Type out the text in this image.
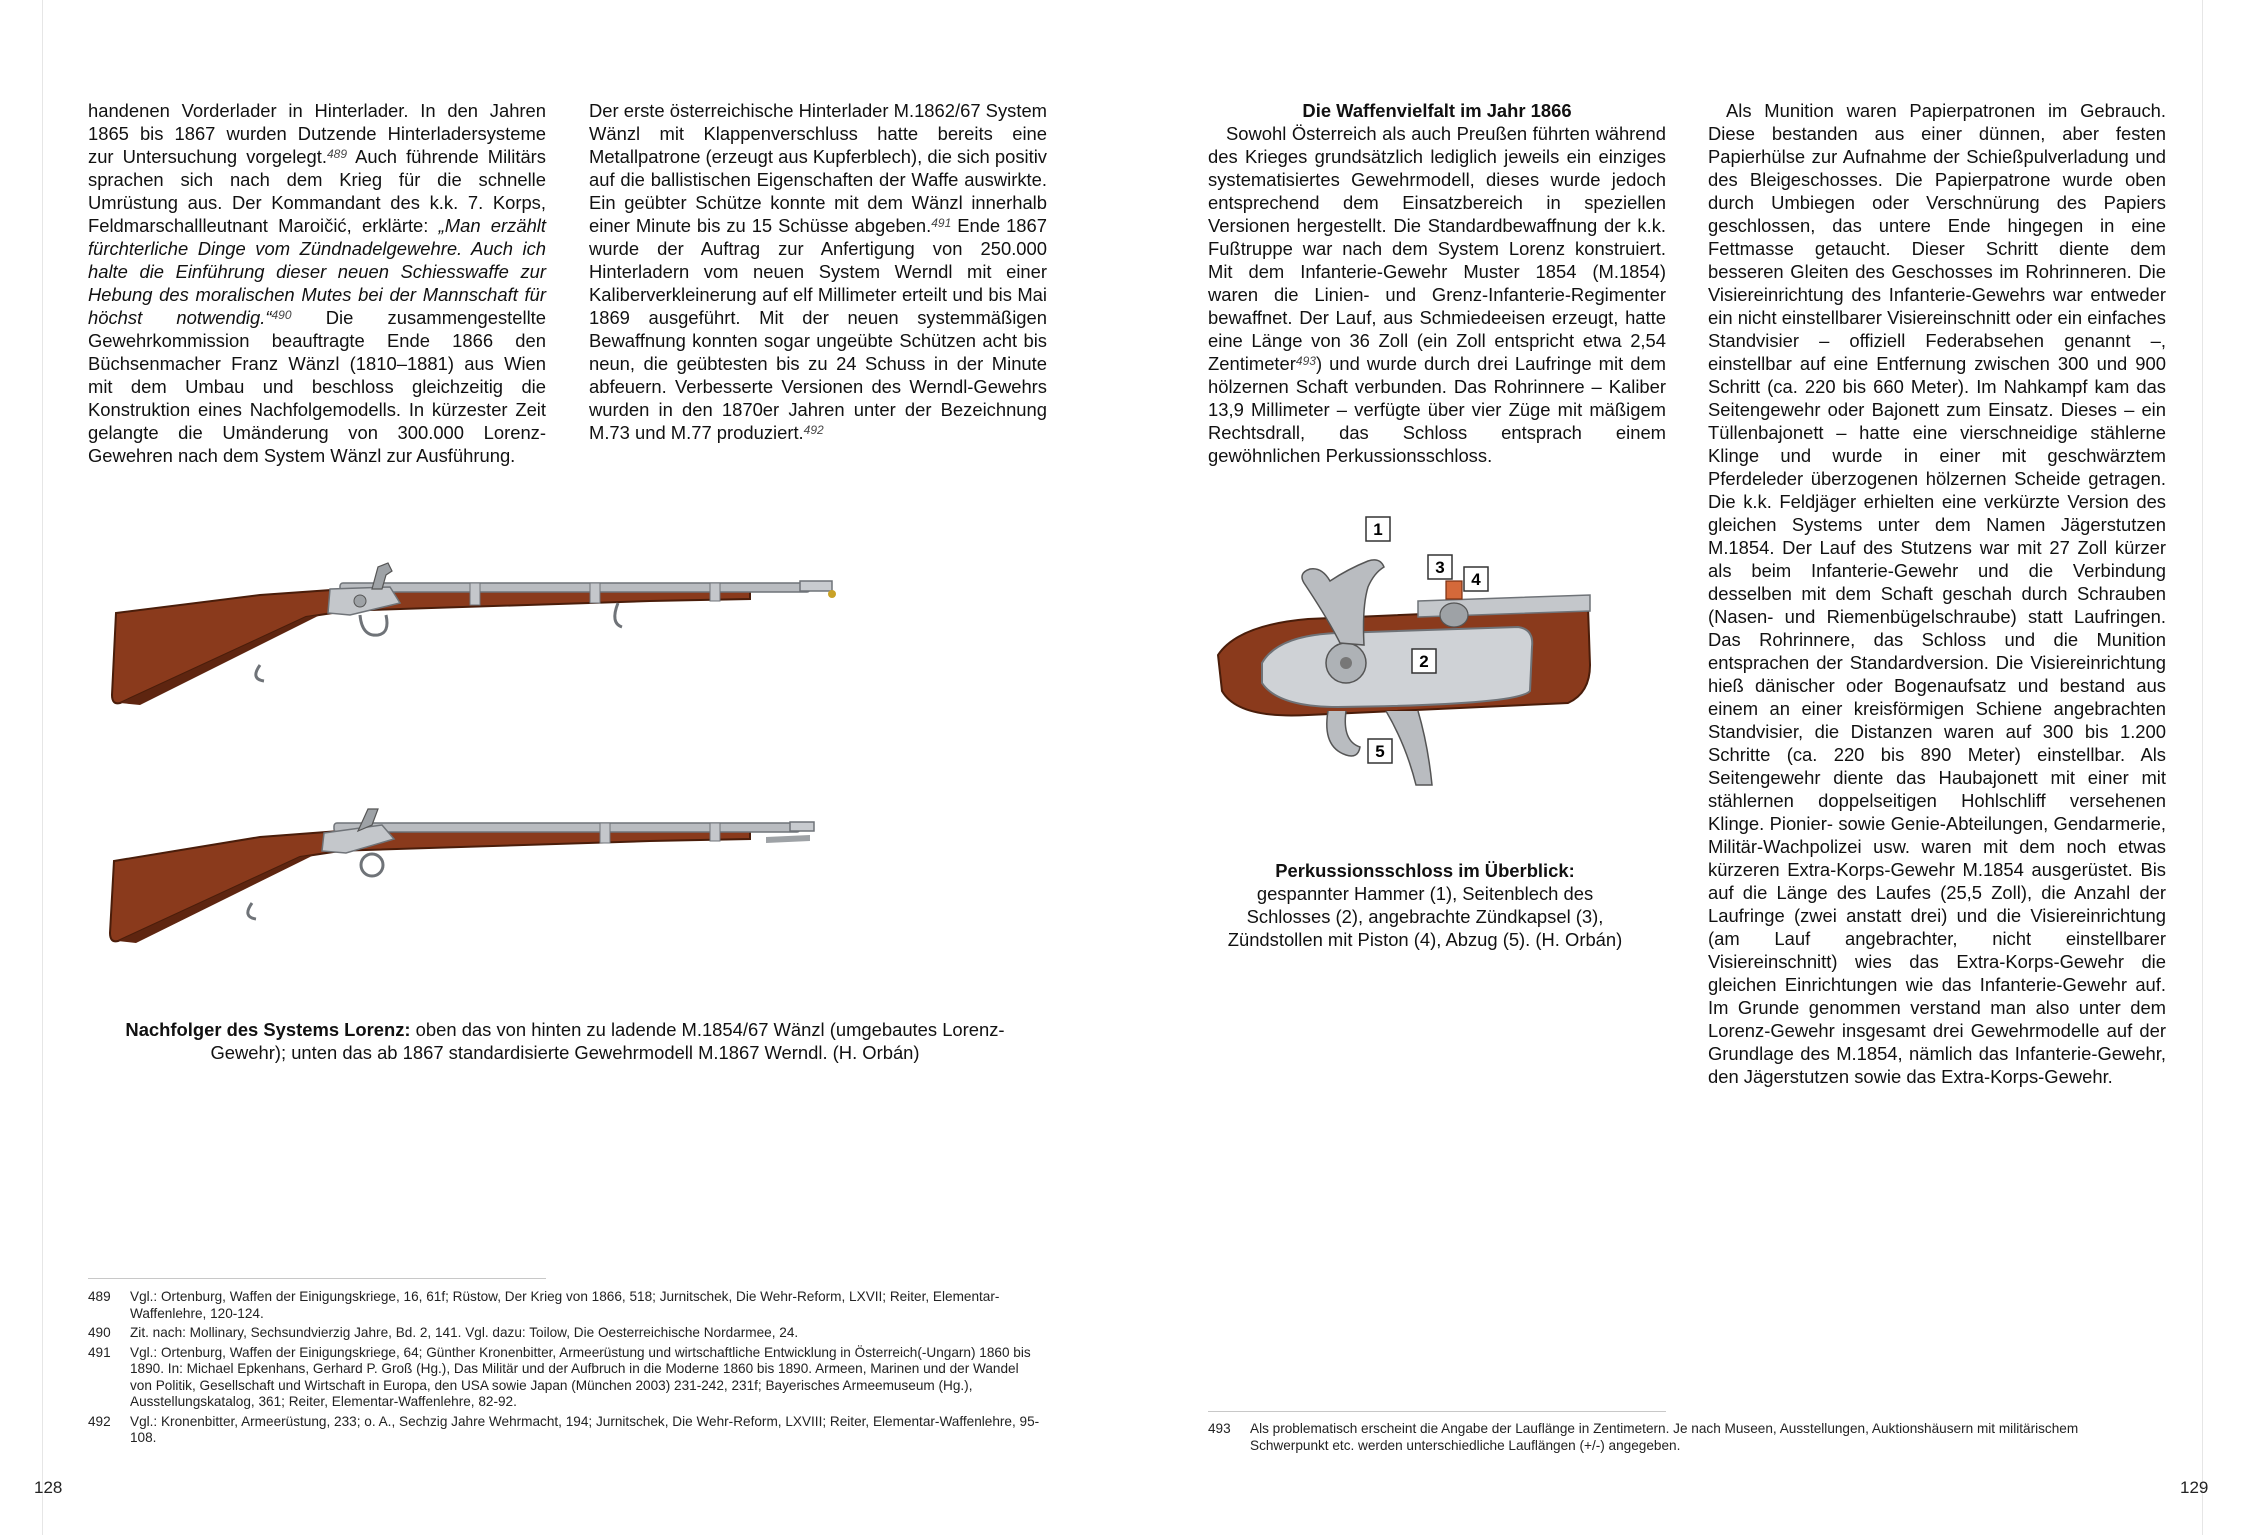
handenen Vorderlader in Hinterlader. In den Jahren 1865 bis 1867 wurden Dutzende Hinterladersysteme zur Untersuchung vorgelegt.$^{489}$ Auch führende Militärs sprachen sich nach dem Krieg für die schnelle Umrüstung aus. Der Kommandant des k.k. 7. Korps, Feldmarschallleutnant Maroičić, erklärte: „Man erzählt fürchterliche Dinge vom Zündnadelgewehre. Auch ich halte die Einführung dieser neuen Schiesswaffe zur Hebung des moralischen Mutes bei der Mannschaft für höchst notwendig.“$^{490}$ Die zusammengestellte Gewehrkommission beauftragte Ende 1866 den Büchsenmacher Franz Wänzl (1810–1881) aus Wien mit dem Umbau und beschloss gleichzeitig die Konstruktion eines Nachfolgemodells. In kürzester Zeit gelangte die Umänderung von 300.000 Lorenz-Gewehren nach dem System Wänzl zur Ausführung.

Der erste österreichische Hinterlader M.1862/67 System Wänzl mit Klappenverschluss hatte bereits eine Metallpatrone (erzeugt aus Kupferblech), die sich positiv auf die ballistischen Eigenschaften der Waffe auswirkte. Ein geübter Schütze konnte mit dem Wänzl innerhalb einer Minute bis zu 15 Schüsse abgeben.$^{491}$ Ende 1867 wurde der Auftrag zur Anfertigung von 250.000 Hinterladern vom neuen System Werndl mit einer Kaliberverkleinerung auf elf Millimeter erteilt und bis Mai 1869 ausgeführt. Mit der neuen systemmäßigen Bewaffnung konnten sogar ungeübte Schützen acht bis neun, die geübtesten bis zu 24 Schuss in der Minute abfeuern. Verbesserte Versionen des Werndl-Gewehrs wurden in den 1870er Jahren unter der Bezeichnung M.73 und M.77 produziert.$^{492}$

Nachfolger des Systems Lorenz: oben das von hinten zu ladende M.1854/67 Wänzl (umgebautes Lorenz-Gewehr); unten das ab 1867 standardisierte Gewehrmodell M.1867 Werndl. (H. Orbán)
489	Vgl.: Ortenburg, Waffen der Einigungskriege, 16, 61f; Rüstow, Der Krieg von 1866, 518; Jurnitschek, Die Wehr-Reform, LXVII; Reiter, Elementar-Waffenlehre, 120-124.
490	Zit. nach: Mollinary, Sechsundvierzig Jahre, Bd. 2, 141. Vgl. dazu: Toilow, Die Oesterreichische Nordarmee, 24.
491	Vgl.: Ortenburg, Waffen der Einigungskriege, 64; Günther Kronenbitter, Armeerüstung und wirtschaftliche Entwicklung in Österreich(-Ungarn) 1860 bis 1890. In: Michael Epkenhans, Gerhard P. Groß (Hg.), Das Militär und der Aufbruch in die Moderne 1860 bis 1890. Armeen, Marinen und der Wandel von Politik, Gesellschaft und Wirtschaft in Europa, den USA sowie Japan (München 2003) 231-242, 231f; Bayerisches Armeemuseum (Hg.), Ausstellungskatalog, 361; Reiter, Elementar-Waffenlehre, 82-92.
492	Vgl.: Kronenbitter, Armeerüstung, 233; o. A., Sechzig Jahre Wehrmacht, 194; Jurnitschek, Die Wehr-Reform, LXVIII; Reiter, Elementar-Waffenlehre, 95-108.
128

Die Waffenvielfalt im Jahr 1866

Sowohl Österreich als auch Preußen führten während des Krieges grundsätzlich lediglich jeweils ein einziges systematisiertes Gewehrmodell, dieses wurde jedoch entsprechend dem Einsatzbereich in speziellen Versionen hergestellt. Die Standardbewaffnung der k.k. Fußtruppe war nach dem System Lorenz konstruiert. Mit dem Infanterie-Gewehr Muster 1854 (M.1854) waren die Linien- und Grenz-Infanterie-Regimenter bewaffnet. Der Lauf, aus Schmiedeeisen erzeugt, hatte eine Länge von 36 Zoll (ein Zoll entspricht etwa 2,54 Zentimeter$^{493}$) und wurde durch drei Laufringe mit dem hölzernen Schaft verbunden. Das Rohrinnere – Kaliber 13,9 Millimeter – verfügte über vier Züge mit mäßigem Rechtsdrall, das Schloss entsprach einem gewöhnlichen Perkussionsschloss.

Als Munition waren Papierpatronen im Gebrauch. Diese bestanden aus einer dünnen, aber festen Papierhülse zur Aufnahme der Schießpulverladung und des Bleigeschosses. Die Papierpatrone wurde oben durch Umbiegen oder Verschnürung des Papiers geschlossen, das untere Ende hingegen in eine Fettmasse getaucht. Dieser Schritt diente dem besseren Gleiten des Geschosses im Rohrinneren. Die Visiereinrichtung des Infanterie-Gewehrs war entweder ein nicht einstellbarer Visiereinschnitt oder ein einfaches Standvisier – offiziell Federabsehen genannt –, einstellbar auf eine Entfernung zwischen 300 und 900 Schritt (ca. 220 bis 660 Meter). Im Nahkampf kam das Seitengewehr oder Bajonett zum Einsatz. Dieses – ein Tüllenbajonett – hatte eine vierschneidige stählerne Klinge und wurde in einer mit geschwärztem Pferdeleder überzogenen hölzernen Scheide getragen. Die k.k. Feldjäger erhielten eine verkürzte Version des gleichen Systems unter dem Namen Jägerstutzen M.1854. Der Lauf des Stutzens war mit 27 Zoll kürzer als beim Infanterie-Gewehr und die Verbindung desselben mit dem Schaft geschah durch Schrauben (Nasen- und Riemenbügelschraube) statt Laufringen. Das Rohrinnere, das Schloss und die Munition entsprachen der Standardversion. Die Visiereinrichtung hieß dänischer oder Bogenaufsatz und bestand aus einem an einer kreisförmigen Schiene angebrachten Standvisier, die Distanzen waren auf 300 bis 1.200 Schritte (ca. 220 bis 890 Meter) einstellbar. Als Seitengewehr diente das Haubajonett mit einer mit stählernen doppelseitigen Hohlschliff versehenen Klinge. Pionier- sowie Genie-Abteilungen, Gendarmerie, Militär-Wachpolizei usw. waren mit dem noch etwas kürzeren Extra-Korps-Gewehr M.1854 ausgerüstet. Bis auf die Länge des Laufes (25,5 Zoll), die Anzahl der Laufringe (zwei anstatt drei) und die Visiereinrichtung (am Lauf angebrachter, nicht einstellbarer Visiereinschnitt) wies das Extra-Korps-Gewehr die gleichen Einrichtungen wie das Infanterie-Gewehr auf. Im Grunde genommen verstand man also unter dem Lorenz-Gewehr insgesamt drei Gewehrmodelle auf der Grundlage des M.1854, nämlich das Infanterie-Gewehr, den Jägerstutzen sowie das Extra-Korps-Gewehr.

1
2
3
4
5
Perkussionsschloss im Überblick:
gespannter Hammer (1), Seitenblech des Schlosses (2), angebrachte Zündkapsel (3), Zündstollen mit Piston (4), Abzug (5). (H. Orbán)
493	Als problematisch erscheint die Angabe der Lauflänge in Zentimetern. Je nach Museen, Ausstellungen, Auktionshäusern mit militärischem Schwerpunkt etc. werden unterschiedliche Lauflängen (+/-) angegeben.
129
